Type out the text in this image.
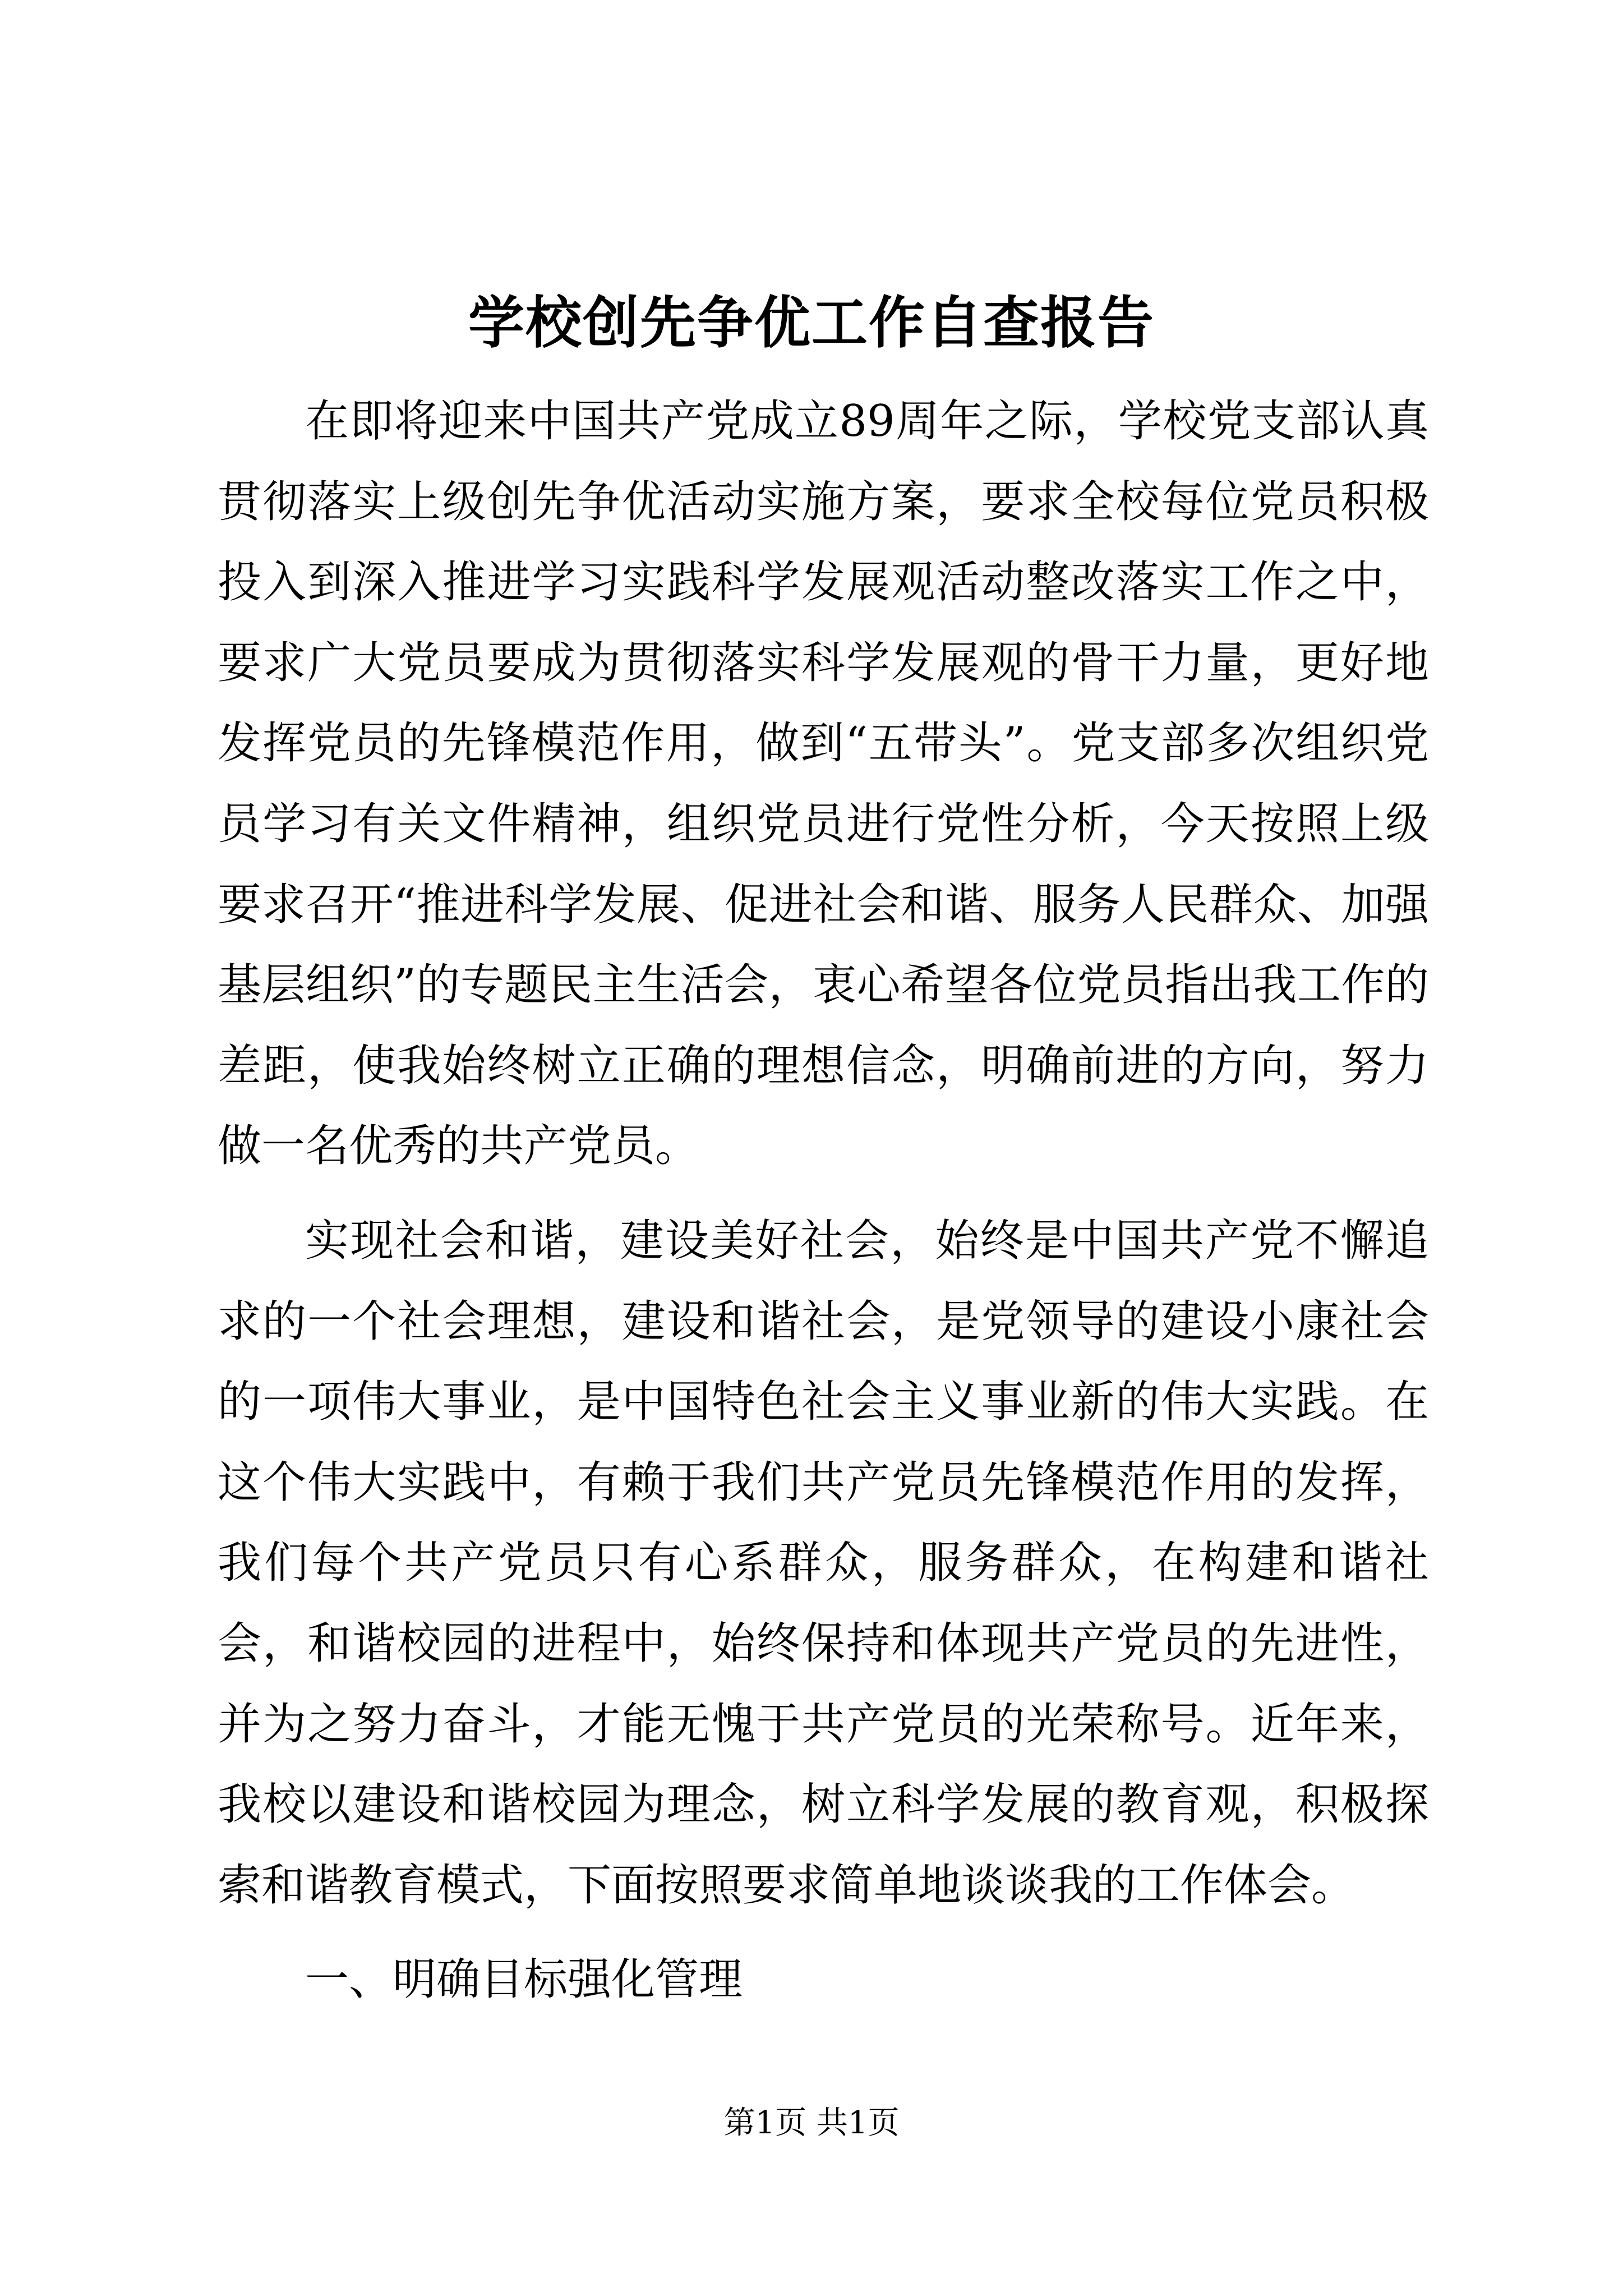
学校创先争优工作自查报告

在即将迎来中国共产党成立89周年之际，学校党支部认真贯彻落实上级创先争优活动实施方案，要求全校每位党员积极投入到深入推进学习实践科学发展观活动整改落实工作之中，要求广大党员要成为贯彻落实科学发展观的骨干力量，更好地发挥党员的先锋模范作用，做到“五带头”。党支部多次组织党员学习有关文件精神，组织党员进行党性分析，今天按照上级要求召开“推进科学发展、促进社会和谐、服务人民群众、加强基层组织”的专题民主生活会，衷心希望各位党员指出我工作的差距，使我始终树立正确的理想信念，明确前进的方向，努力做一名优秀的共产党员。

实现社会和谐，建设美好社会，始终是中国共产党不懈追求的一个社会理想，建设和谐社会，是党领导的建设小康社会的一项伟大事业，是中国特色社会主义事业新的伟大实践。在这个伟大实践中，有赖于我们共产党员先锋模范作用的发挥，我们每个共产党员只有心系群众，服务群众，在构建和谐社会，和谐校园的进程中，始终保持和体现共产党员的先进性，并为之努力奋斗，才能无愧于共产党员的光荣称号。近年来，我校以建设和谐校园为理念，树立科学发展的教育观，积极探索和谐教育模式，下面按照要求简单地谈谈我的工作体会。

一、明确目标强化管理

第1页 共1页
